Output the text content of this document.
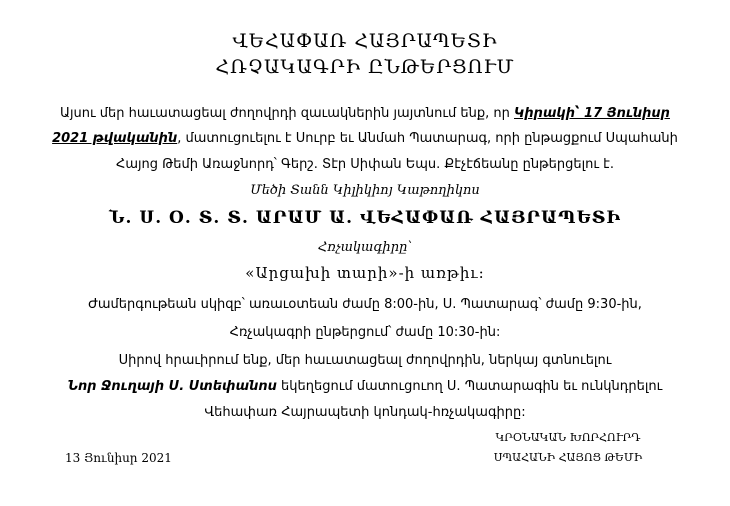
ՎԵՀԱՓԱՌ ՀԱՅՐԱՊԵՏԻ
ՀՌՉԱԿԱԳՐԻ ԸՆԹԵՐՑՈՒՄ
Այսու մեր հաւատացեալ ժողովրդի զաւակներին յայտնում ենք, որ Կիրակի՝ 17 Յունիսր
2021 թվականին, մատուցուելու է Սուրբ եւ Անմահ Պատարագ, որի ընթացքում Սպահանի
Հայոց Թեմի Առաջնորդ՝ Գերշ. Տէր Սիփան Եպս. Քէչէճեանը ընթերցելու է.
Մեծի Տանն Կիլիկիոյ Կաթողիկոս
Ն. Ս. Օ. Տ. Տ. ԱՐԱՄ Ա. ՎԵՀԱՓԱՌ ՀԱՅՐԱՊԵՏԻ
Հռչակագիրը՝
«Արցախի տարի»-ի առթիւ:
Ժամերգութեան սկիզբ՝ առաւօտեան ժամը 8:00-ին, Ս. Պատարագ՝ ժամը 9:30-ին,
Հռչակագրի ընթերցում՝ ժամը 10:30-ին:
Սիրով հրաւիրում ենք, մեր հաւատացեալ ժողովրդին, ներկայ գտնուելու
Նոր Ջուղայի Ս. Ստեփանոս եկեղեցում մատուցուող Ս. Պատարագին եւ ունկնդրելու
Վեհափառ Հայրապետի կոնդակ-հռչակագիրը:
13 Յունիսր 2021
ԿՐՕՆԱԿԱՆ ԽՈՐՀՈՒՐԴ
ՍՊԱՀԱՆԻ ՀԱՅՈՑ ԹԵՄԻ
